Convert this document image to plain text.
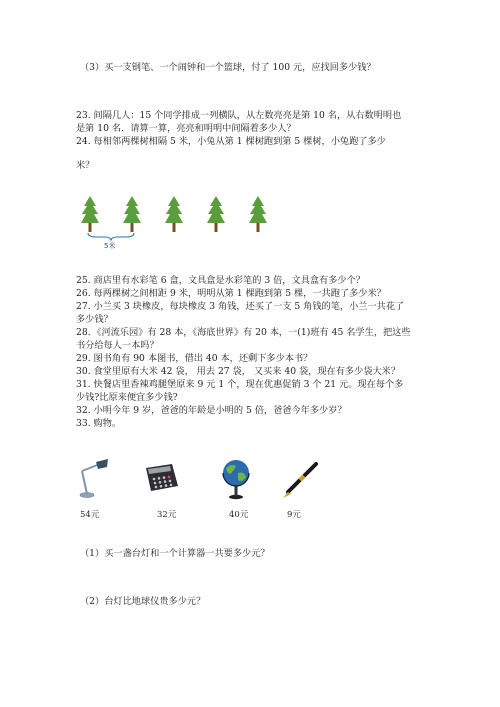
（3）买一支钢笔、一个闹钟和一个篮球，付了 100 元，应找回多少钱？
23. 间隔几人：15 个同学排成一列横队，从左数亮亮是第 10 名，从右数明明也
是第 10 名．请算一算，亮亮和明明中间隔着多少人？
24. 每相邻两棵树相隔 5 米，小兔从第 1 棵树跑到第 5 棵树，小兔跑了多少
米？
5米
25. 商店里有水彩笔 6 盒，文具盒是水彩笔的 3 倍，文具盒有多少个？
26. 每两棵树之间相距 9 米，明明从第 1 棵跑到第 5 棵，一共跑了多少米？
27. 小兰买 3 块橡皮，每块橡皮 3 角钱，还买了一支 5 角钱的笔，小兰一共花了
多少钱？
28．《河流乐园》有 28 本，《海底世界》有 20 本，一(1)班有 45 名学生，把这些
书分给每人一本吗？
29. 图书角有 90 本图书，借出 40 本，还剩下多少本书？
30. 食堂里原有大米 42 袋， 用去 27 袋， 又买来 40 袋，现在有多少袋大米？
31. 快餐店里香辣鸡腿堡原来 9 元 1 个，现在优惠促销 3 个 21 元。现在每个多
少钱?比原来便宜多少钱?
32. 小明今年 9 岁，爸爸的年龄是小明的 5 倍，爸爸今年多少岁？
33. 购物。
54元	32元	40元	9元
（1）买一盏台灯和一个计算器一共要多少元？
（2）台灯比地球仪贵多少元？
